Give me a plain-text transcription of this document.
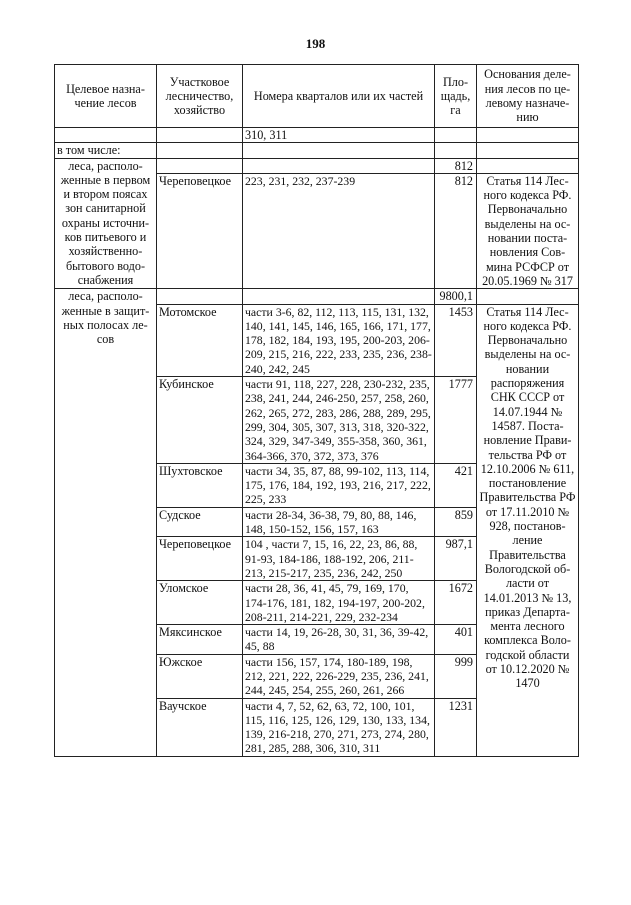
198
Целевое назна-чение лесов	Участковое лесничество, хозяйство	Номера кварталов или их частей	Пло-щадь, га	Основания деле-ния лесов по це-левому назначе-нию
		310, 311		
в том числе:				
леса, располо-женные в первом и втором поясах зон санитарной охраны источни-ков питьевого и хозяйственно-бытового водо-снабжения			812	
	Череповецкое	223, 231, 232, 237-239	812	Статья 114 Лес-ного кодекса РФ. Первоначально выделены на ос-новании поста-новления Сов-мина РСФСР от 20.05.1969 № 317
леса, располо-женные в защит-ных полосах ле-сов			9800,1	
	Мотомское	части 3-6, 82, 112, 113, 115, 131, 132, 140, 141, 145, 146, 165, 166, 171, 177, 178, 182, 184, 193, 195, 200-203, 206-209, 215, 216, 222, 233, 235, 236, 238-240, 242, 245	1453	Статья 114 Лес-ного кодекса РФ. Первоначально выделены на ос-новании распоряжения СНК СССР от 14.07.1944 № 14587. Поста-новление Прави-тельства РФ от 12.10.2006 № 611, постановление Правительства РФ от 17.11.2010 № 928, постанов-ление Правительства Вологодской об-ласти от 14.01.2013 № 13, приказ Департа-мента лесного комплекса Воло-годской области от 10.12.2020 № 1470
	Кубинское	части 91, 118, 227, 228, 230-232, 235, 238, 241, 244, 246-250, 257, 258, 260, 262, 265, 272, 283, 286, 288, 289, 295, 299, 304, 305, 307, 313, 318, 320-322, 324, 329, 347-349, 355-358, 360, 361, 364-366, 370, 372, 373, 376	1777	
	Шухтовское	части 34, 35, 87, 88, 99-102, 113, 114, 175, 176, 184, 192, 193, 216, 217, 222, 225, 233	421	
	Судское	части 28-34, 36-38, 79, 80, 88, 146, 148, 150-152, 156, 157, 163	859	
	Череповецкое	104 , части 7, 15, 16, 22, 23, 86, 88, 91-93, 184-186, 188-192, 206, 211-213, 215-217, 235, 236, 242, 250	987,1	
	Уломское	части 28, 36, 41, 45, 79, 169, 170, 174-176, 181, 182, 194-197, 200-202, 208-211, 214-221, 229, 232-234	1672	
	Мяксинское	части 14, 19, 26-28, 30, 31, 36, 39-42, 45, 88	401	
	Южское	части 156, 157, 174, 180-189, 198, 212, 221, 222, 226-229, 235, 236, 241, 244, 245, 254, 255, 260, 261, 266	999	
	Ваучское	части 4, 7, 52, 62, 63, 72, 100, 101, 115, 116, 125, 126, 129, 130, 133, 134, 139, 216-218, 270, 271, 273, 274, 280, 281, 285, 288, 306, 310, 311	1231	
